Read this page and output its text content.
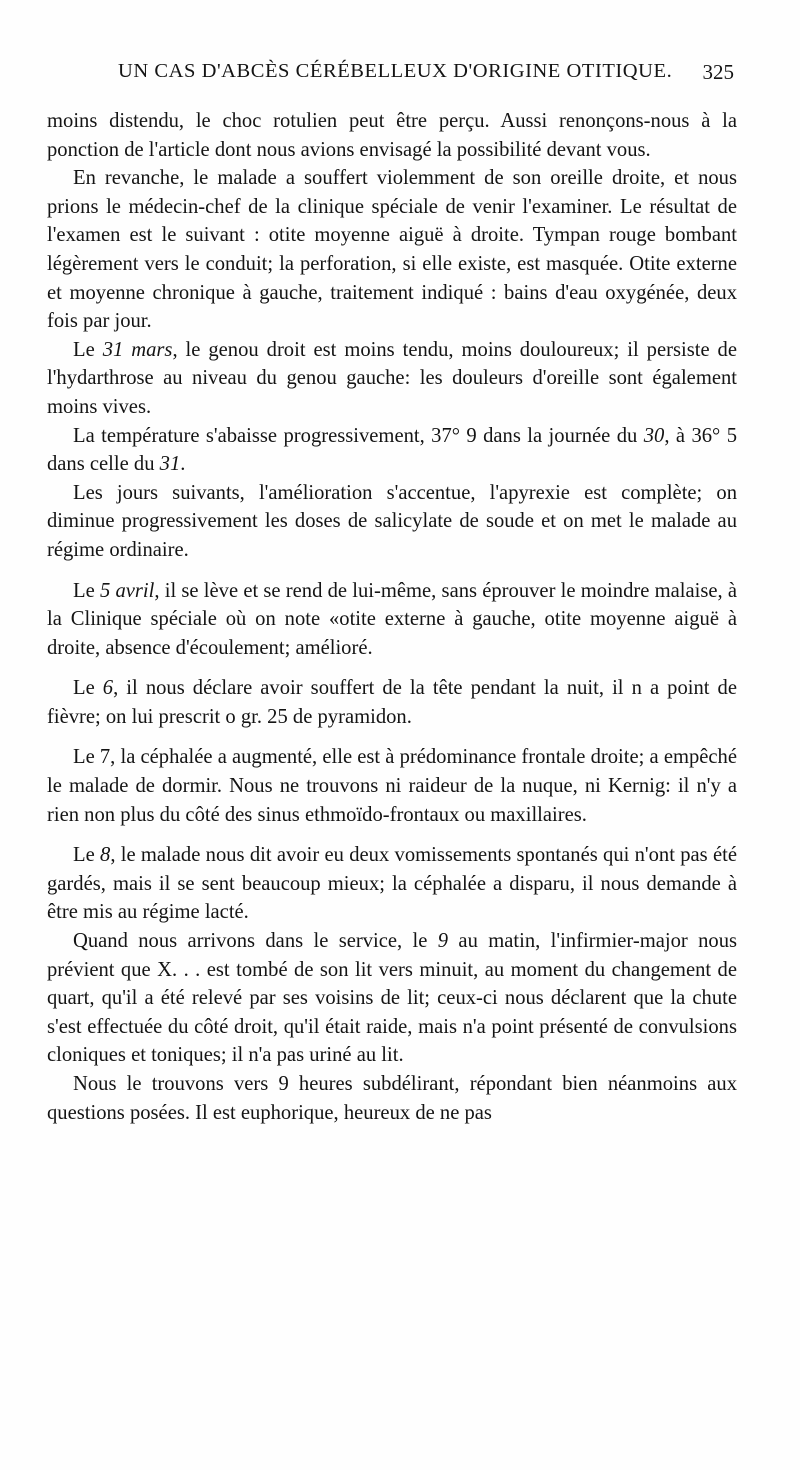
UN CAS D'ABCÈS CÉRÉBELLEUX D'ORIGINE OTITIQUE. 325

moins distendu, le choc rotulien peut être perçu. Aussi renonçons-nous à la ponction de l'article dont nous avions envisagé la possibilité devant vous.

En revanche, le malade a souffert violemment de son oreille droite, et nous prions le médecin-chef de la clinique spéciale de venir l'examiner. Le résultat de l'examen est le suivant : otite moyenne aiguë à droite. Tympan rouge bombant légèrement vers le conduit; la perforation, si elle existe, est masquée. Otite externe et moyenne chronique à gauche, traitement indiqué : bains d'eau oxygénée, deux fois par jour.

Le 31 mars, le genou droit est moins tendu, moins douloureux; il persiste de l'hydarthrose au niveau du genou gauche: les douleurs d'oreille sont également moins vives.

La température s'abaisse progressivement, 37° 9 dans la journée du 30, à 36° 5 dans celle du 31.

Les jours suivants, l'amélioration s'accentue, l'apyrexie est complète; on diminue progressivement les doses de salicylate de soude et on met le malade au régime ordinaire.

Le 5 avril, il se lève et se rend de lui-même, sans éprouver le moindre malaise, à la Clinique spéciale où on note «otite externe à gauche, otite moyenne aiguë à droite, absence d'écoulement; amélioré.

Le 6, il nous déclare avoir souffert de la tête pendant la nuit, il n a point de fièvre; on lui prescrit o gr. 25 de pyramidon.

Le 7, la céphalée a augmenté, elle est à prédominance frontale droite; a empêché le malade de dormir. Nous ne trouvons ni raideur de la nuque, ni Kernig: il n'y a rien non plus du côté des sinus ethmoïdo-frontaux ou maxillaires.

Le 8, le malade nous dit avoir eu deux vomissements spontanés qui n'ont pas été gardés, mais il se sent beaucoup mieux; la céphalée a disparu, il nous demande à être mis au régime lacté.

Quand nous arrivons dans le service, le 9 au matin, l'infirmier-major nous prévient que X. . . est tombé de son lit vers minuit, au moment du changement de quart, qu'il a été relevé par ses voisins de lit; ceux-ci nous déclarent que la chute s'est effectuée du côté droit, qu'il était raide, mais n'a point présenté de convulsions cloniques et toniques; il n'a pas uriné au lit.

Nous le trouvons vers 9 heures subdélirant, répondant bien néanmoins aux questions posées. Il est euphorique, heureux de ne pas
